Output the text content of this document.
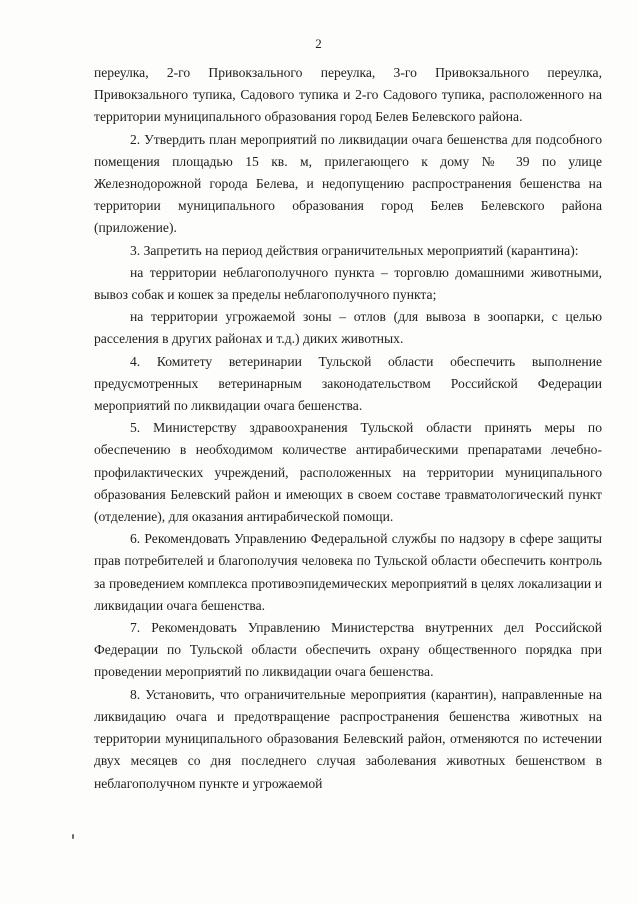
2

переулка, 2-го Привокзального переулка, 3-го Привокзального переулка, Привокзального тупика, Садового тупика и 2-го Садового тупика, расположенного на территории муниципального образования город Белев Белевского района.

2. Утвердить план мероприятий по ликвидации очага бешенства для подсобного помещения площадью 15 кв. м, прилегающего к дому № 39 по улице Железнодорожной города Белева, и недопущению распространения бешенства на территории муниципального образования город Белев Белевского района (приложение).

3. Запретить на период действия ограничительных мероприятий (карантина):

на территории неблагополучного пункта – торговлю домашними животными, вывоз собак и кошек за пределы неблагополучного пункта;

на территории угрожаемой зоны – отлов (для вывоза в зоопарки, с целью расселения в других районах и т.д.) диких животных.

4. Комитету ветеринарии Тульской области обеспечить выполнение предусмотренных ветеринарным законодательством Российской Федерации мероприятий по ликвидации очага бешенства.

5. Министерству здравоохранения Тульской области принять меры по обеспечению в необходимом количестве антирабическими препаратами лечебно-профилактических учреждений, расположенных на территории муниципального образования Белевский район и имеющих в своем составе травматологический пункт (отделение), для оказания антирабической помощи.

6. Рекомендовать Управлению Федеральной службы по надзору в сфере защиты прав потребителей и благополучия человека по Тульской области обеспечить контроль за проведением комплекса противоэпидемических мероприятий в целях локализации и ликвидации очага бешенства.

7. Рекомендовать Управлению Министерства внутренних дел Российской Федерации по Тульской области обеспечить охрану общественного порядка при проведении мероприятий по ликвидации очага бешенства.

8. Установить, что ограничительные мероприятия (карантин), направленные на ликвидацию очага и предотвращение распространения бешенства животных на территории муниципального образования Белевский район, отменяются по истечении двух месяцев со дня последнего случая заболевания животных бешенством в неблагополучном пункте и угрожаемой
